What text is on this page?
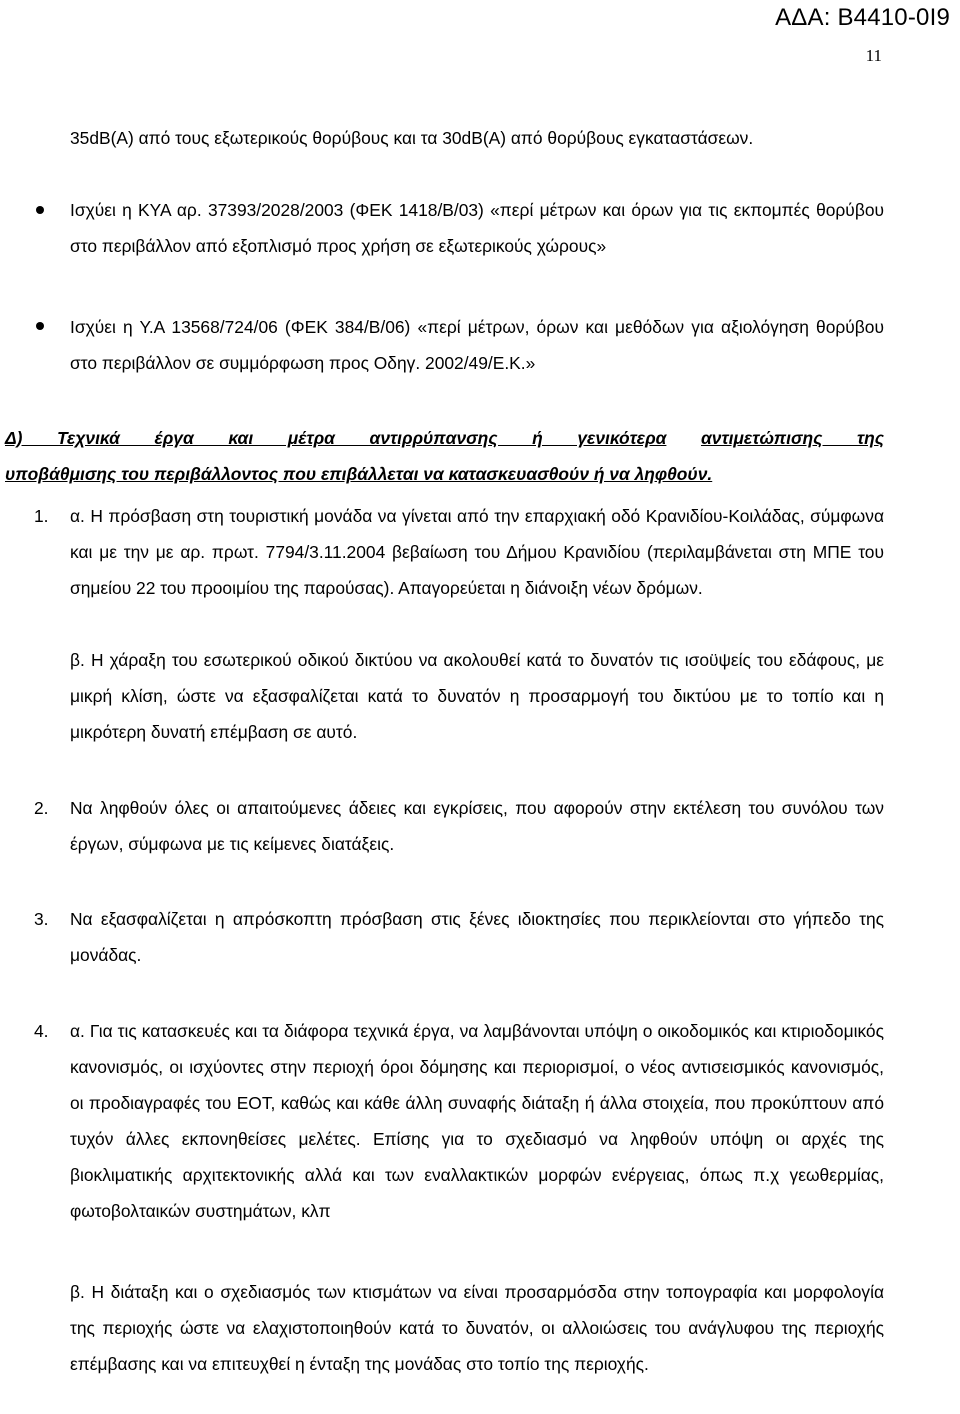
ΑΔΑ: Β4410-0Ι9
11

35dB(A) από τους εξωτερικούς θορύβους και τα 30dB(A) από θορύβους εγκαταστάσεων.

Ισχύει η ΚΥΑ αρ. 37393/2028/2003 (ΦΕΚ 1418/Β/03) «περί μέτρων και όρων για τις εκπομπές θορύβου στο περιβάλλον από εξοπλισμό προς χρήση σε εξωτερικούς χώρους»

Ισχύει η Υ.Α 13568/724/06 (ΦΕΚ 384/Β/06) «περί μέτρων, όρων και μεθόδων για αξιολόγηση θορύβου στο περιβάλλον σε συμμόρφωση προς Οδηγ. 2002/49/Ε.Κ.»

Δ) Τεχνικά έργα και μέτρα αντιρρύπανσης ή γενικότερα αντιμετώπισης της

υποβάθμισης του περιβάλλοντος που επιβάλλεται να κατασκευασθούν ή να ληφθούν.

1. α. Η πρόσβαση στη τουριστική μονάδα να γίνεται από την επαρχιακή οδό Κρανιδίου-Κοιλάδας, σύμφωνα και με την με αρ. πρωτ. 7794/3.11.2004 βεβαίωση του Δήμου Κρανιδίου (περιλαμβάνεται στη ΜΠΕ του σημείου 22 του προοιμίου της παρούσας). Απαγορεύεται η διάνοιξη νέων δρόμων.

β. Η χάραξη του εσωτερικού οδικού δικτύου να ακολουθεί κατά το δυνατόν τις ισοϋψείς του εδάφους, με μικρή κλίση, ώστε να εξασφαλίζεται κατά το δυνατόν η προσαρμογή του δικτύου με το τοπίο και η μικρότερη δυνατή επέμβαση σε αυτό.

2. Να ληφθούν όλες οι απαιτούμενες άδειες και εγκρίσεις, που αφορούν στην εκτέλεση του συνόλου των έργων, σύμφωνα με τις κείμενες διατάξεις.

3. Να εξασφαλίζεται η απρόσκοπτη πρόσβαση στις ξένες ιδιοκτησίες που περικλείονται στο γήπεδο της μονάδας.

4. α. Για τις κατασκευές και τα διάφορα τεχνικά έργα, να λαμβάνονται υπόψη ο οικοδομικός και κτιριοδομικός κανονισμός, οι ισχύοντες στην περιοχή όροι δόμησης και περιορισμοί, ο νέος αντισεισμικός κανονισμός, οι προδιαγραφές του ΕΟΤ, καθώς και κάθε άλλη συναφής διάταξη ή άλλα στοιχεία, που προκύπτουν από τυχόν άλλες εκπονηθείσες μελέτες. Επίσης για το σχεδιασμό να ληφθούν υπόψη οι αρχές της βιοκλιματικής αρχιτεκτονικής αλλά και των εναλλακτικών μορφών ενέργειας, όπως π.χ γεωθερμίας, φωτοβολταικών συστημάτων, κλπ

β. Η διάταξη και ο σχεδιασμός των κτισμάτων να είναι προσαρμόσδα στην τοπογραφία και μορφολογία της περιοχής ώστε να ελαχιστοποιηθούν κατά το δυνατόν, οι αλλοιώσεις του ανάγλυφου της περιοχής επέμβασης και να επιτευχθεί η ένταξη της μονάδας στο τοπίο της περιοχής.
